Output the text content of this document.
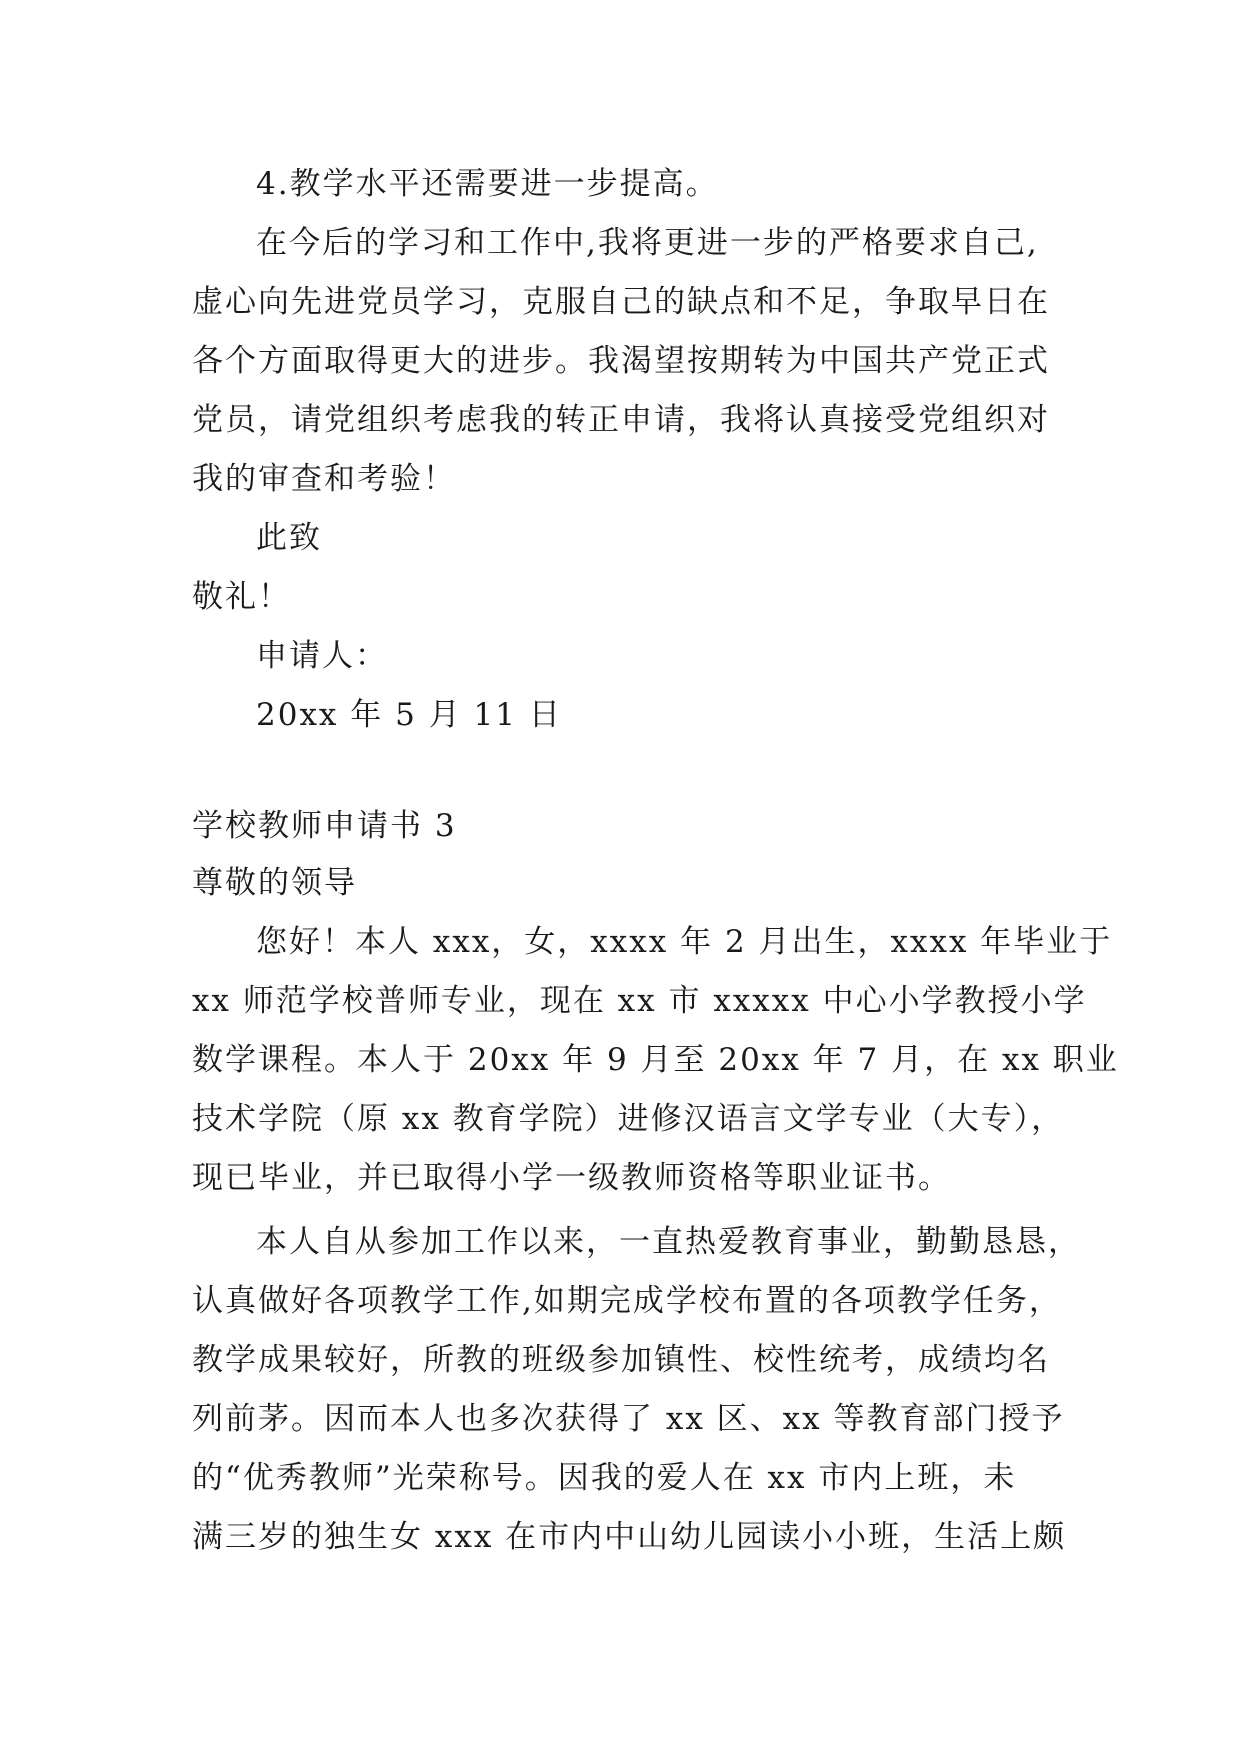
4.教学水平还需要进一步提高。
在今后的学习和工作中,我将更进一步的严格要求自己,
虚心向先进党员学习，克服自己的缺点和不足，争取早日在
各个方面取得更大的进步。我渴望按期转为中国共产党正式
党员，请党组织考虑我的转正申请，我将认真接受党组织对
我的审查和考验！
此致
敬礼！
申请人：
20xx 年 5 月 11 日
学校教师申请书 3
尊敬的领导
您好！本人 xxx，女，xxxx 年 2 月出生，xxxx 年毕业于
xx 师范学校普师专业，现在 xx 市 xxxxx 中心小学教授小学
数学课程。本人于 20xx 年 9 月至 20xx 年 7 月，在 xx 职业
技术学院（原 xx 教育学院）进修汉语言文学专业（大专），
现已毕业，并已取得小学一级教师资格等职业证书。
本人自从参加工作以来，一直热爱教育事业，勤勤恳恳，
认真做好各项教学工作,如期完成学校布置的各项教学任务，
教学成果较好，所教的班级参加镇性、校性统考，成绩均名
列前茅。因而本人也多次获得了 xx 区、xx 等教育部门授予
的“优秀教师”光荣称号。因我的爱人在 xx 市内上班，未
满三岁的独生女 xxx 在市内中山幼儿园读小小班，生活上颇
